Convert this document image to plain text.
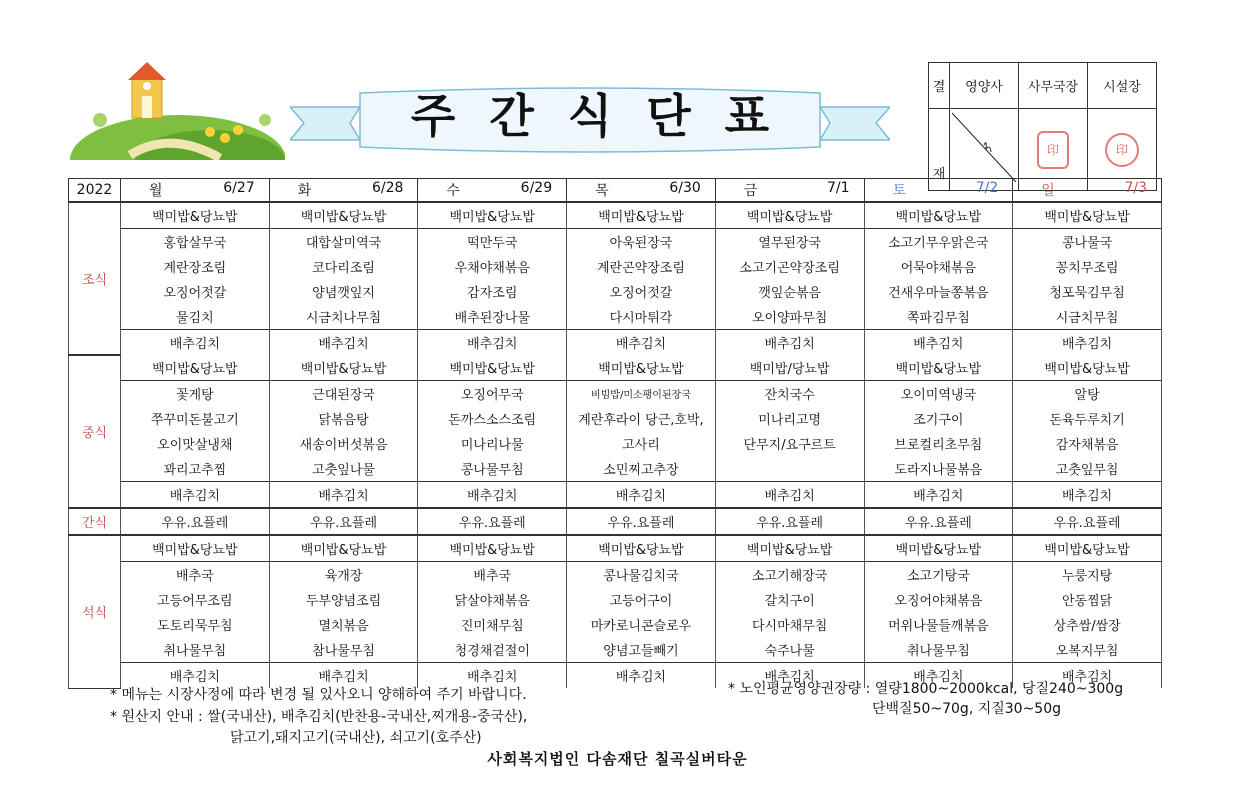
주간식단표
결	영양사	사무국장	시설장
재		印	印
2022	월 6/27	화 6/28	수 6/29	목 6/30	금 7/1	토 7/2	일 7/3

조식	백미밥&당뇨밥	백미밥&당뇨밥	백미밥&당뇨밥	백미밥&당뇨밥	백미밥&당뇨밥	백미밥&당뇨밥	백미밥&당뇨밥
	홍합살무국	대합살미역국	떡만두국	아욱된장국	열무된장국	소고기무우맑은국	콩나물국
	계란장조림	코다리조림	우채야채볶음	계란곤약장조림	소고기곤약장조림	어묵야채볶음	꽁치무조림
	오징어젓갈	양념깻잎지	감자조림	오징어젓갈	깻잎순볶음	건새우마늘쫑볶음	청포묵김무침
	물김치	시금치나무침	배추된장나물	다시마튀각	오이양파무침	쪽파김무침	시금치무침
	배추김치	배추김치	배추김치	배추김치	배추김치	배추김치	배추김치
중식	백미밥&당뇨밥	백미밥&당뇨밥	백미밥&당뇨밥	백미밥&당뇨밥	백미밥/당뇨밥	백미밥&당뇨밥	백미밥&당뇨밥
	꽃게탕	근대된장국	오징어무국	비빔밥/미소팽이된장국	잔치국수	오이미역냉국	알탕
	쭈꾸미돈불고기	닭볶음탕	돈까스소스조림	계란후라이 당근,호박,	미나리고명	조기구이	돈육두루치기
	오이맛살냉채	새송이버섯볶음	미나리나물	고사리	단무지/요구르트	브로컬리초무침	감자채볶음
	꽈리고추찜	고춧잎나물	콩나물무침	소민찌고추장		도라지나물볶음	고춧잎무침
	배추김치	배추김치	배추김치	배추김치	배추김치	배추김치	배추김치
간식	우유.요플레	우유.요플레	우유.요플레	우유.요플레	우유.요플레	우유.요플레	우유.요플레
석식	백미밥&당뇨밥	백미밥&당뇨밥	백미밥&당뇨밥	백미밥&당뇨밥	백미밥&당뇨밥	백미밥&당뇨밥	백미밥&당뇨밥
	배추국	육개장	배추국	콩나물김치국	소고기해장국	소고기탕국	누룽지탕
	고등어무조림	두부양념조림	닭살야채볶음	고등어구이	갈치구이	오징어야채볶음	안동찜닭
	도토리묵무침	멸치볶음	진미채무침	마카로니콘슬로우	다시마채무침	머위나물들깨볶음	상추쌈/쌈장
	취나물무침	참나물무침	청경채겉절이	양념고들빼기	숙주나물	취나물무침	오복지무침
	배추김치	배추김치	배추김치	배추김치	배추김치	배추김치	배추김치
* 메뉴는 시장사정에 따라 변경 될 있사오니 양해하여 주기 바랍니다.
* 원산지 안내 : 쌀(국내산), 배추김치(반찬용-국내산,찌개용-중국산),
닭고기,돼지고기(국내산), 쇠고기(호주산)
* 노인평균영양권장량 : 열량1800~2000kcal, 당질240~300g
단백질50~70g, 지질30~50g
사회복지법인 다솜재단 칠곡실버타운
